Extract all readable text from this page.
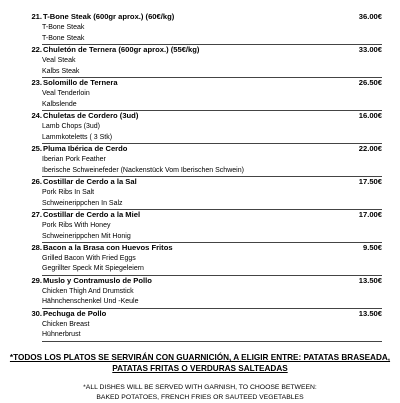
21. T-Bone Steak (600gr aprox.) (60€/kg)	36.00€
T-Bone Steak
T-Bone Steak
22. Chuletón de Ternera (600gr aprox.) (55€/kg)	33.00€
Veal Steak
Kalbs Steak
23. Solomillo de Ternera	26.50€
Veal Tenderloin
Kalbslende
24. Chuletas de Cordero (3ud)	16.00€
Lamb Chops (3ud)
Lammkoteletts ( 3 Stk)
25. Pluma Ibérica de Cerdo	22.00€
Iberian Pork Feather
Iberische Schweinefeder (Nackenstück Vom Iberischen Schwein)
26. Costillar de Cerdo a la Sal	17.50€
Pork Ribs In Salt
Schweinerippchen In Salz
27. Costillar de Cerdo a la Miel	17.00€
Pork Ribs With Honey
Schweinerippchen Mit Honig
28. Bacon a la Brasa con Huevos Fritos	9.50€
Grilled Bacon With Fried Eggs
Gegrillter Speck Mit Spiegeleiern
29. Muslo y Contramuslo de Pollo	13.50€
Chicken Thigh And Drumstick
Hähnchenschenkel Und -Keule
30. Pechuga de Pollo	13.50€
Chicken Breast
Hühnerbrust
*TODOS LOS PLATOS SE SERVIRÁN CON GUARNICIÓN, A ELIGIR ENTRE: PATATAS BRASEADA,
PATATAS FRITAS O VERDURAS SALTEADAS
*ALL DISHES WILL BE SERVED WITH GARNISH, TO CHOOSE BETWEEN:
BAKED POTATOES, FRENCH FRIES OR SAUTEED VEGETABLES
